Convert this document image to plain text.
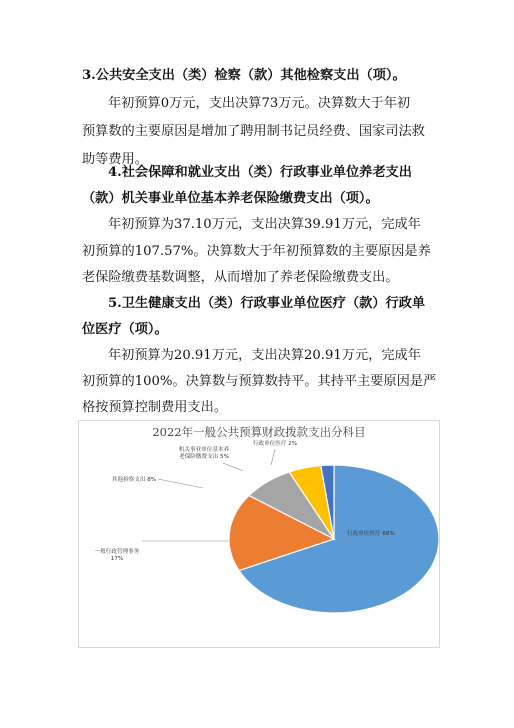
3.公共安全支出（类）检察（款）其他检察支出（项）。
年初预算0万元，支出决算73万元。决算数大于年初
预算数的主要原因是增加了聘用制书记员经费、国家司法救
助等费用。
4.社会保障和就业支出（类）行政事业单位养老支出
（款）机关事业单位基本养老保险缴费支出（项）。
年初预算为37.10万元，支出决算39.91万元，完成年
初预算的107.57%。决算数大于年初预算数的主要原因是养
老保险缴费基数调整，从而增加了养老保险缴费支出。
5.卫生健康支出（类）行政事业单位医疗（款）行政单
位医疗（项）。
年初预算为20.91万元，支出决算20.91万元，完成年
初预算的100%。决算数与预算数持平。其持平主要原因是严
格按预算控制费用支出。
2022年一般公共预算财政拨款支出分科目
行政单位医疗 68%
一般行政管理事务
17%
其他检察支出 8%
机关事业单位基本养
老保险缴费支出 5%
行政单位医疗 2%
